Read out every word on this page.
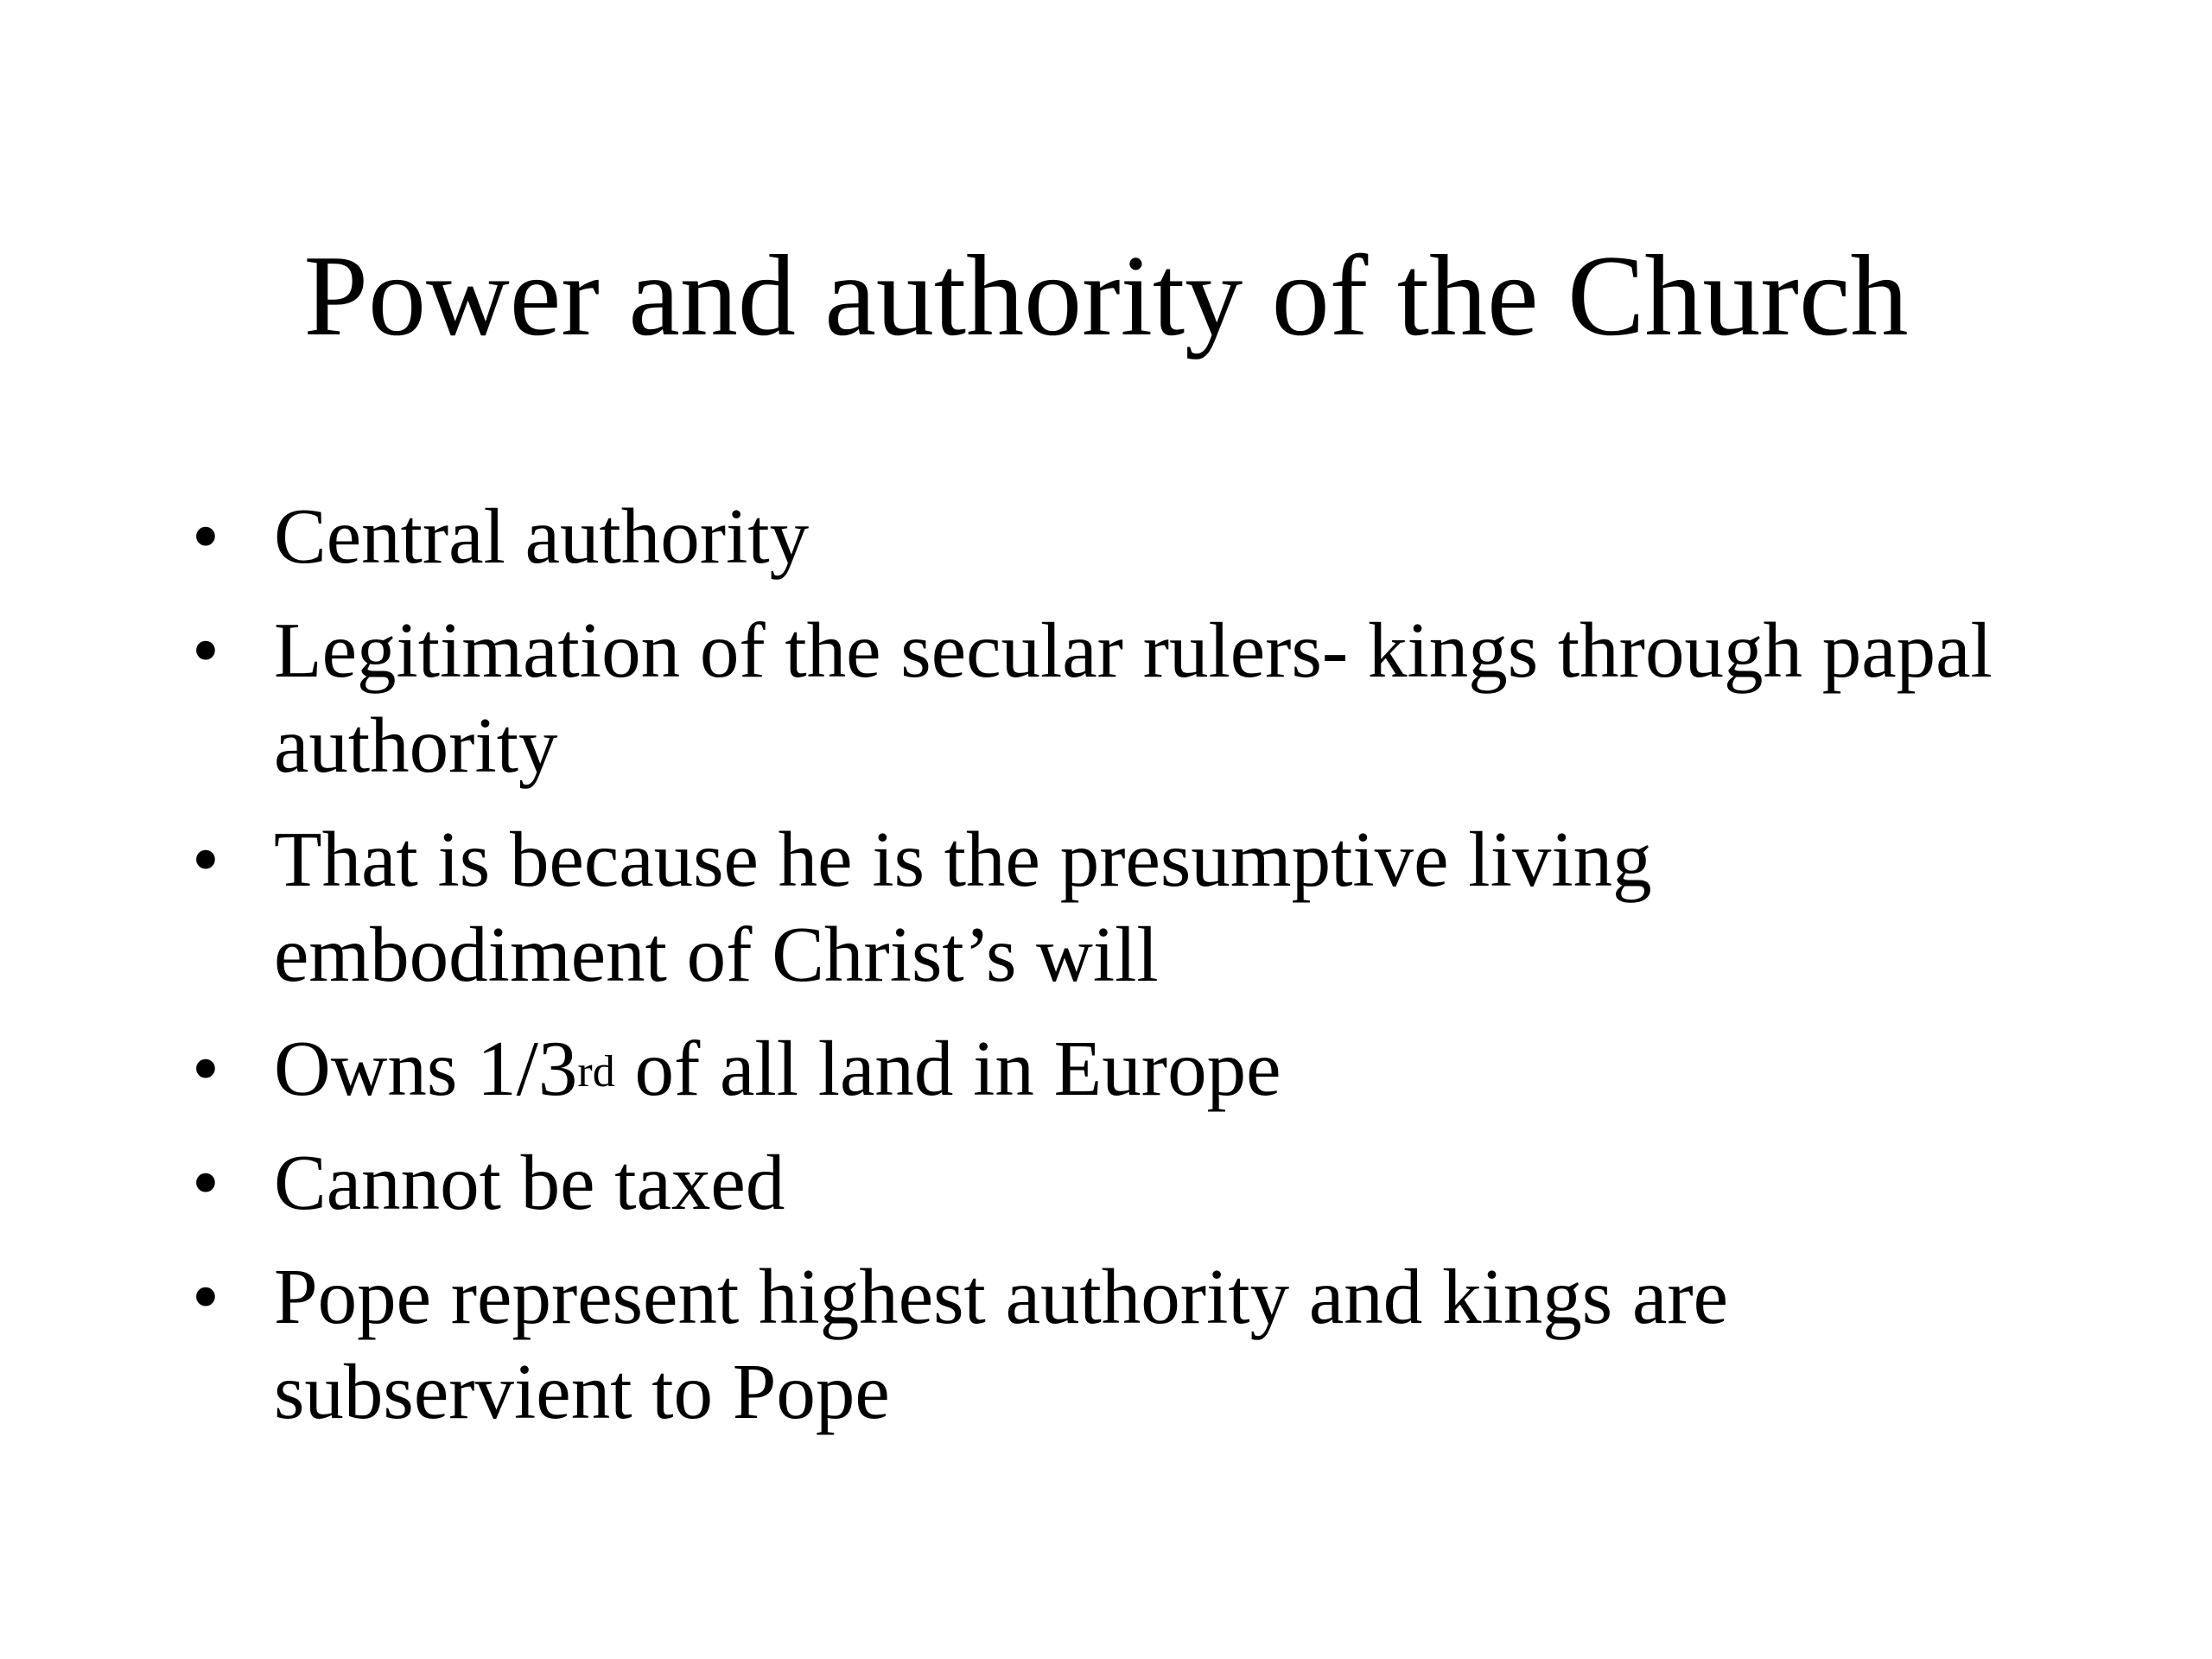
Power and authority of the Church
• Central authority
• Legitimation of the secular rulers- kings through papal authority
• That is because he is the presumptive living embodiment of Christ’s will
• Owns 1/3rd of all land in Europe
• Cannot be taxed
• Pope represent highest authority and kings are subservient to Pope
